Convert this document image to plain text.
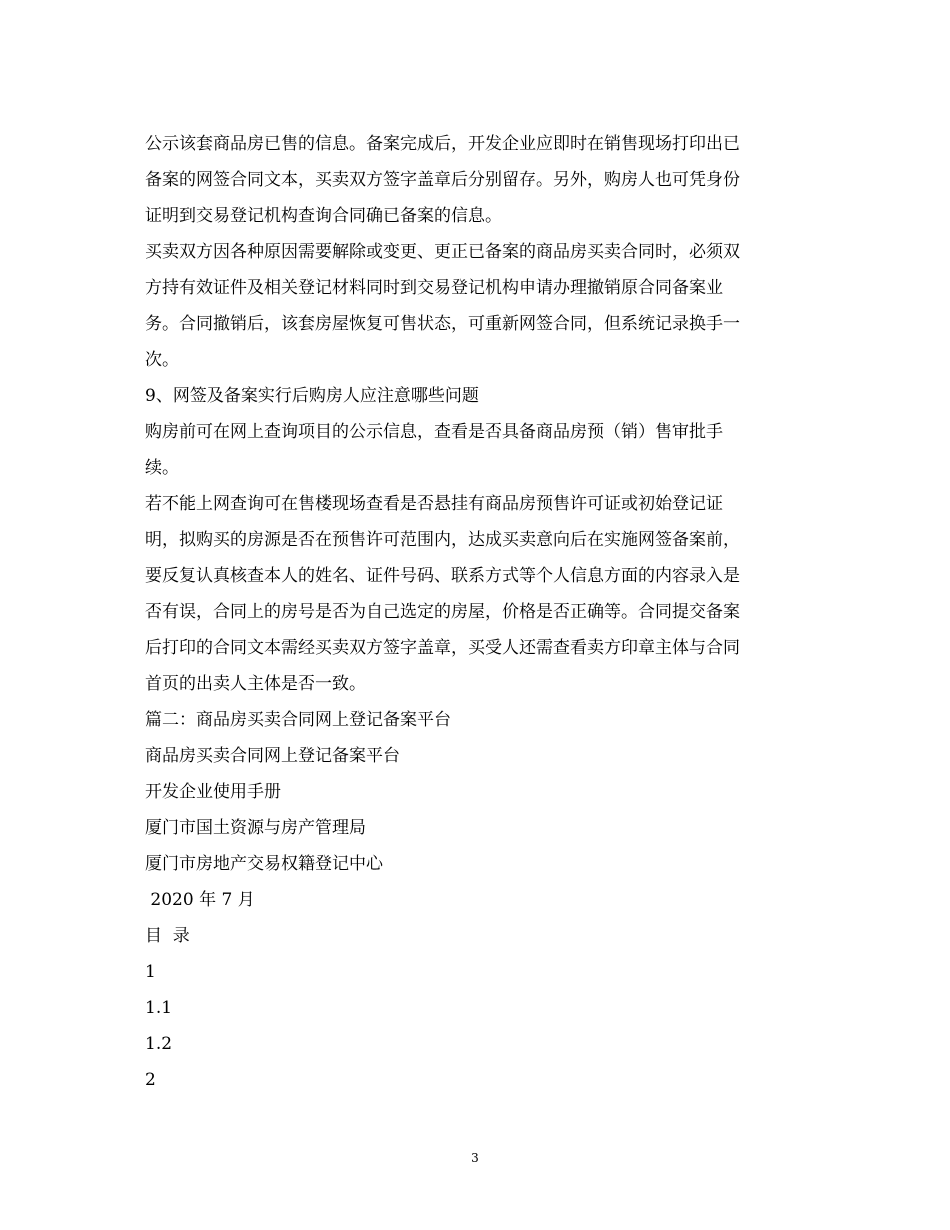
公示该套商品房已售的信息。备案完成后，开发企业应即时在销售现场打印出已
备案的网签合同文本，买卖双方签字盖章后分别留存。另外，购房人也可凭身份
证明到交易登记机构查询合同确已备案的信息。
买卖双方因各种原因需要解除或变更、更正已备案的商品房买卖合同时，必须双
方持有效证件及相关登记材料同时到交易登记机构申请办理撤销原合同备案业
务。合同撤销后，该套房屋恢复可售状态，可重新网签合同，但系统记录换手一
次。
9、网签及备案实行后购房人应注意哪些问题
购房前可在网上查询项目的公示信息，查看是否具备商品房预（销）售审批手
续。
若不能上网查询可在售楼现场查看是否悬挂有商品房预售许可证或初始登记证
明，拟购买的房源是否在预售许可范围内，达成买卖意向后在实施网签备案前，
要反复认真核查本人的姓名、证件号码、联系方式等个人信息方面的内容录入是
否有误，合同上的房号是否为自己选定的房屋，价格是否正确等。合同提交备案
后打印的合同文本需经买卖双方签字盖章，买受人还需查看卖方印章主体与合同
首页的出卖人主体是否一致。
篇二：商品房买卖合同网上登记备案平台
商品房买卖合同网上登记备案平台
开发企业使用手册
厦门市国土资源与房产管理局
厦门市房地产交易权籍登记中心
2020 年 7 月
目  录
1
1.1
1.2
2
3
